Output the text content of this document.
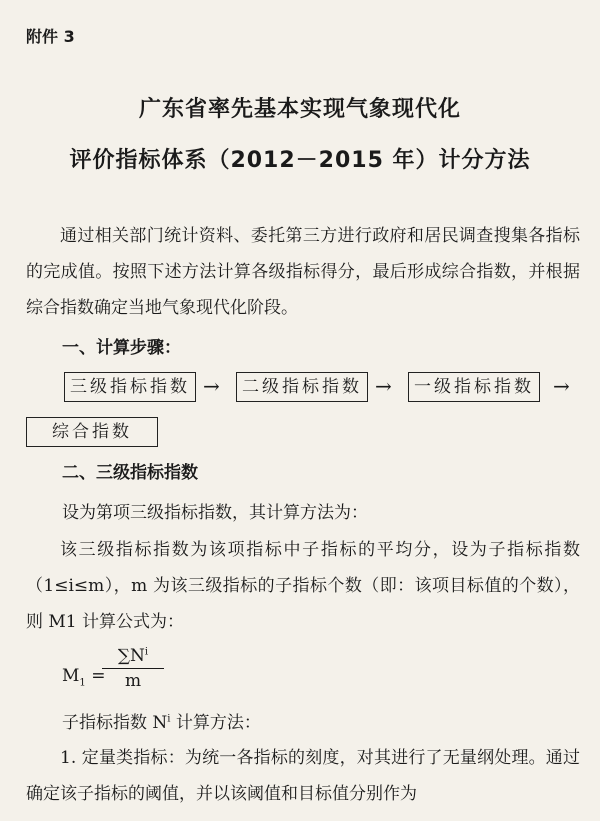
附件 3
广东省率先基本实现气象现代化
评价指标体系（2012－2015 年）计分方法
通过相关部门统计资料、委托第三方进行政府和居民调查搜集各指标的完成值。按照下述方法计算各级指标得分，最后形成综合指数，并根据综合指数确定当地气象现代化阶段。
一、计算步骤：
三级指标指数 →	二级指标指数 →	一级指标指数 →
综合指数
二、三级指标指数
设为第项三级指标指数，其计算方法为：
该三级指标指数为该项指标中子指标的平均分，设为子指标指数（1≤i≤m），m 为该三级指标的子指标个数（即：该项目标值的个数），则 M1 计算公式为：
$M_1$ =
$\frac{\sum N^i}{m}$
子指标指数 $N^i$ 计算方法：
1. 定量类指标：为统一各指标的刻度，对其进行了无量纲处理。通过确定该子指标的阈值，并以该阈值和目标值分别作为
